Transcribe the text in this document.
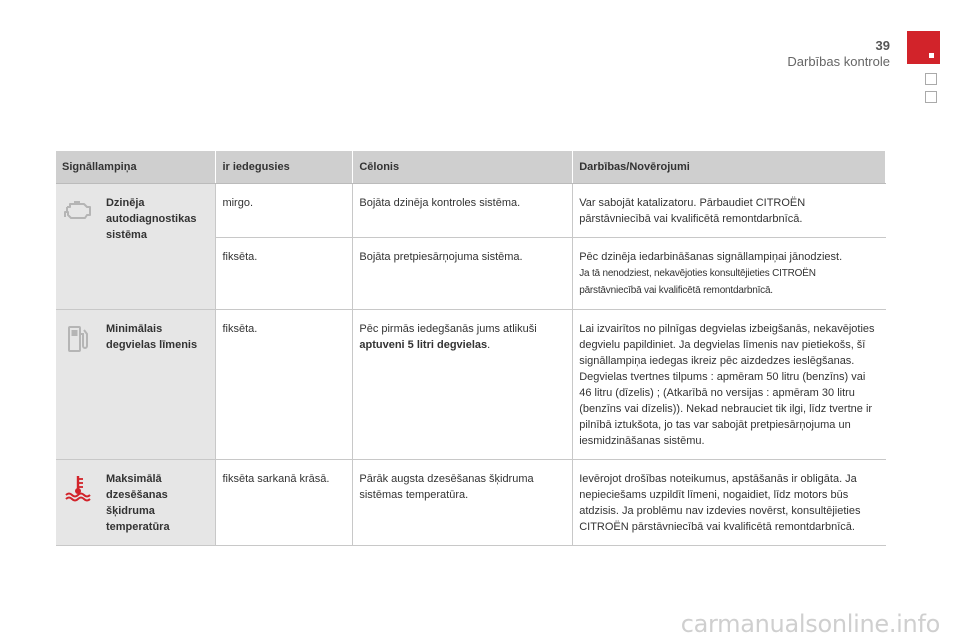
39
Darbības kontrole
Signāllampiņa		ir iedegusies	Cēlonis	Darbības/Novērojumi

	Dzinēja autodiagnostikas sistēma	mirgo.	Bojāta dzinēja kontroles sistēma.	Var sabojāt katalizatoru. Pārbaudiet CITROËN pārstāvniecībā vai kvalificētā remontdarbnīcā.
		fiksēta.	Bojāta pretpiesārņojuma sistēma.	Pēc dzinēja iedarbināšanas signāllampiņai jānodziest.
Ja tā nenodziest, nekavējoties konsultējieties CITROËN pārstāvniecībā vai kvalificētā remontdarbnīcā.

	Minimālais degvielas līmenis	fiksēta.	Pēc pirmās iedegšanās jums atlikuši aptuveni 5 litri degvielas.	Lai izvairītos no pilnīgas degvielas izbeigšanās, nekavējoties degvielu papildiniet. Ja degvielas līmenis nav pietiekošs, šī signāllampiņa iedegas ikreiz pēc aizdedzes ieslēgšanas. Degvielas tvertnes tilpums : apmēram 50 litru (benzīns) vai 46 litru (dīzelis) ; (Atkarībā no versijas : apmēram 30 litru (benzīns vai dīzelis)). Nekad nebrauciet tik ilgi, līdz tvertne ir pilnībā iztukšota, jo tas var sabojāt pretpiesārņojuma un iesmidzināšanas sistēmu.

	Maksimālā dzesēšanas šķidruma temperatūra	fiksēta sarkanā krāsā.	Pārāk augsta dzesēšanas šķidruma sistēmas temperatūra.	Ievērojot drošības noteikumus, apstāšanās ir obligāta. Ja nepieciešams uzpildīt līmeni, nogaidiet, līdz motors būs atdzisis. Ja problēmu nav izdevies novērst, konsultējieties CITROËN pārstāvniecībā vai kvalificētā remontdarbnīcā.
carmanualsonline.info
